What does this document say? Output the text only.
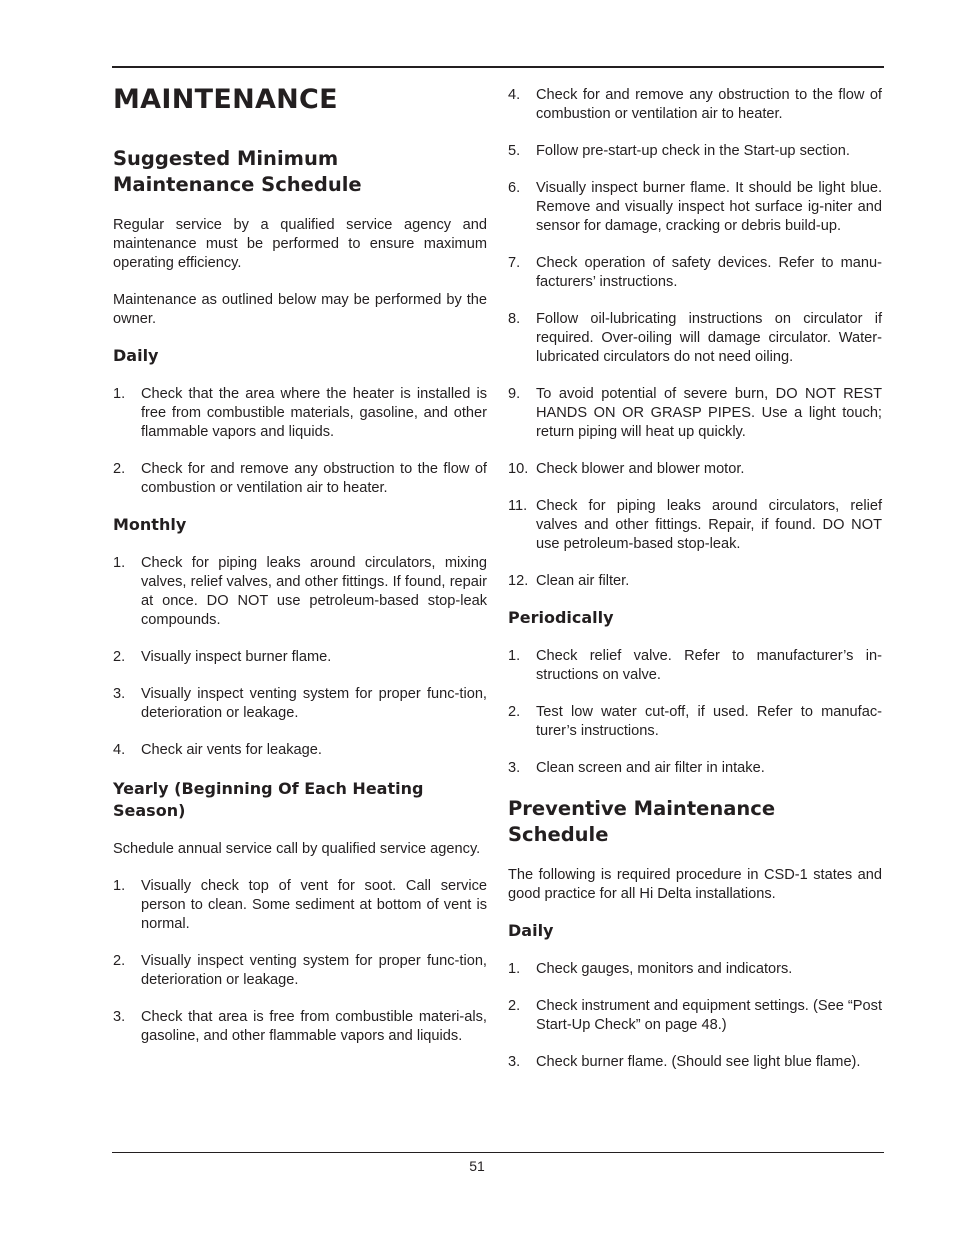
MAINTENANCE
Suggested Minimum Maintenance Schedule

Regular service by a qualified service agency and maintenance must be performed to ensure maximum operating efficiency.

Maintenance as outlined below may be performed by the owner.

Daily
1. Check that the area where the heater is installed is free from combustible materials, gasoline, and other flammable vapors and liquids.
2. Check for and remove any obstruction to the flow of combustion or ventilation air to heater.
Monthly
1. Check for piping leaks around circulators, mixing valves, relief valves, and other fittings. If found, repair at once. DO NOT use petroleum-based stop-leak compounds.
2. Visually inspect burner flame.
3. Visually inspect venting system for proper func-tion, deterioration or leakage.
4. Check air vents for leakage.
Yearly (Beginning Of Each Heating Season)

Schedule annual service call by qualified service agency.

1. Visually check top of vent for soot. Call service person to clean. Some sediment at bottom of vent is normal.
2. Visually inspect venting system for proper func-tion, deterioration or leakage.
3. Check that area is free from combustible materi-als, gasoline, and other flammable vapors and liquids.
4. Check for and remove any obstruction to the flow of combustion or ventilation air to heater.
5. Follow pre-start-up check in the Start-up section.
6. Visually inspect burner flame. It should be light blue. Remove and visually inspect hot surface ig-niter and sensor for damage, cracking or debris build-up.
7. Check operation of safety devices. Refer to manu-facturers’ instructions.
8. Follow oil-lubricating instructions on circulator if required. Over-oiling will damage circulator. Water-lubricated circulators do not need oiling.
9. To avoid potential of severe burn, DO NOT REST HANDS ON OR GRASP PIPES. Use a light touch; return piping will heat up quickly.
10. Check blower and blower motor.
11. Check for piping leaks around circulators, relief valves and other fittings. Repair, if found. DO NOT use petroleum-based stop-leak.
12. Clean air filter.
Periodically
1. Check relief valve. Refer to manufacturer’s in-structions on valve.
2. Test low water cut-off, if used. Refer to manufac-turer’s instructions.
3. Clean screen and air filter in intake.
Preventive Maintenance Schedule

The following is required procedure in CSD-1 states and good practice for all Hi Delta installations.

Daily
1. Check gauges, monitors and indicators.
2. Check instrument and equipment settings. (See “Post Start-Up Check” on page 48.)
3. Check burner flame. (Should see light blue flame).
51
